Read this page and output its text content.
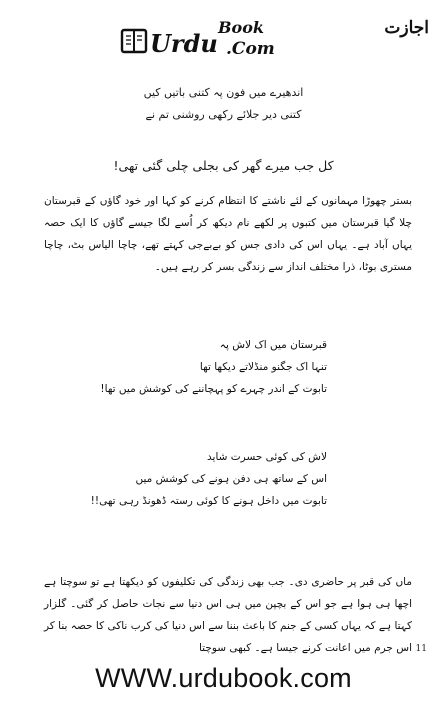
اجازت
Urdu
Book
.Com
اندھیرے میں فون پہ کتنی باتیں کیں
کتنی دیر جلائے رکھی روشنی تم نے
کل جب میرے گھر کی بجلی چلی گئی تھی!
بستر چھوڑا مہمانوں کے لئے ناشتے کا انتظام کرنے کو کہا اور خود گاؤں کے قبرستان چلا گیا قبرستان میں کتبوں پر لکھے نام دیکھ کر اُسے لگا جیسے گاؤں کا ایک حصہ یہاں آباد ہے۔ یہاں اس کی دادی جس کو بےبےجی کہتے تھے، چاچا الیاس بٹ، چاچا مستری بوٹا، ذرا مختلف انداز سے زندگی بسر کر رہے ہیں۔
قبرستان میں اک لاش پہ
تنہا اک جگنو منڈلاتے دیکھا تھا
تابوت کے اندر چہرے کو پہچاننے کی کوشش میں تھا!
لاش کی کوئی حسرت شاید
اس کے ساتھ ہی دفن ہونے کی کوشش میں
تابوت میں داخل ہونے کا کوئی رستہ ڈھونڈ رہی تھی!!
ماں کی قبر پر حاضری دی۔ جب بھی زندگی کی تکلیفوں کو دیکھتا ہے تو سوچتا ہے اچھا ہی ہوا ہے جو اس کے بچپن میں ہی اس دنیا سے نجات حاصل کر گئی۔ گلزار کہتا ہے کہ یہاں کسی کے جنم کا باعث بننا سے اس دنیا کی کرب ناکی کا حصہ بنا کر اس جرم میں اعانت کرنے جیسا ہے۔ کبھی سوچتا 11
WWW.urdubook.com
